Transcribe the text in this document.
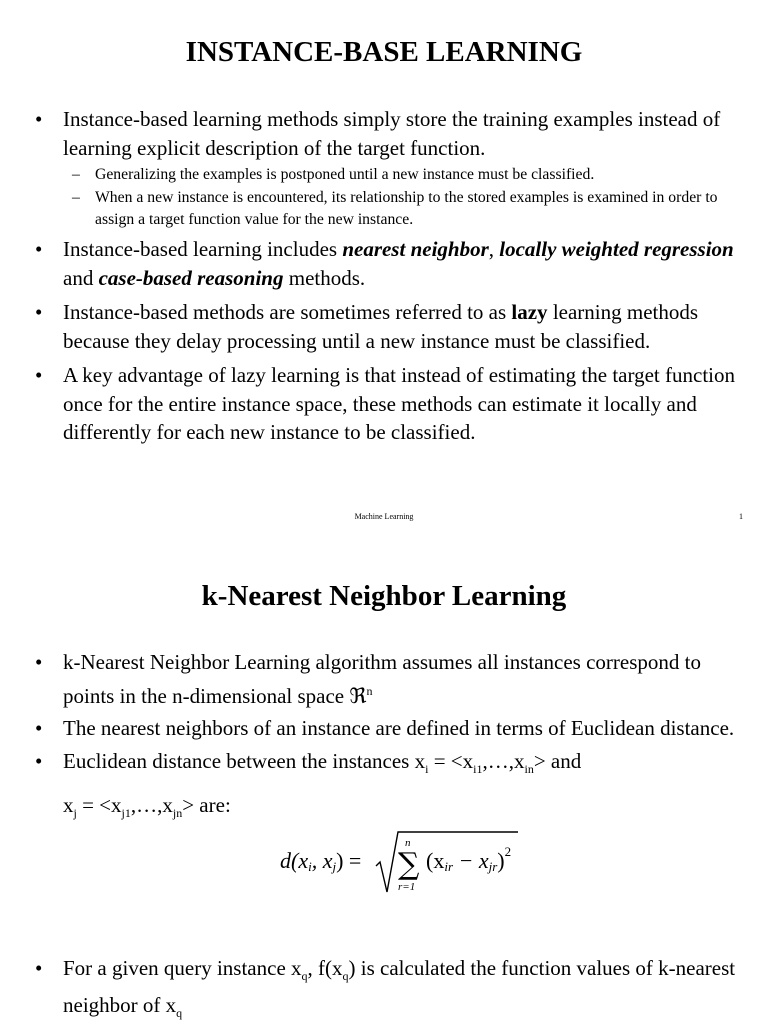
INSTANCE-BASE LEARNING
• Instance-based learning methods simply store the training examples instead of learning explicit description of the target function.
– Generalizing the examples is postponed until a new instance must be classified.
– When a new instance is encountered, its relationship to the stored examples is examined in order to assign a target function value for the new instance.
• Instance-based learning includes nearest neighbor, locally weighted regression and case-based reasoning methods.
• Instance-based methods are sometimes referred to as lazy learning methods because they delay processing until a new instance must be classified.
• A key advantage of lazy learning is that instead of estimating the target function once for the entire instance space, these methods can estimate it locally and differently for each new instance to be classified.
Machine Learning	1
k-Nearest Neighbor Learning
• k-Nearest Neighbor Learning algorithm assumes all instances correspond to points in the n-dimensional space ℜ$^n$
• The nearest neighbors of an instance are defined in terms of Euclidean distance.
• Euclidean distance between the instances $x_i$ = $<x_{i1},\dots,x_{in}>$ and
$x_j$ = $<x_{j1},\dots,x_{jn}>$ are:
d(xi, xj) = ∑
n
r=1
(xir − xjr)$^2$
• For a given query instance $x_q$, $f(x_q)$ is calculated the function values of k-nearest neighbor of $x_q$
